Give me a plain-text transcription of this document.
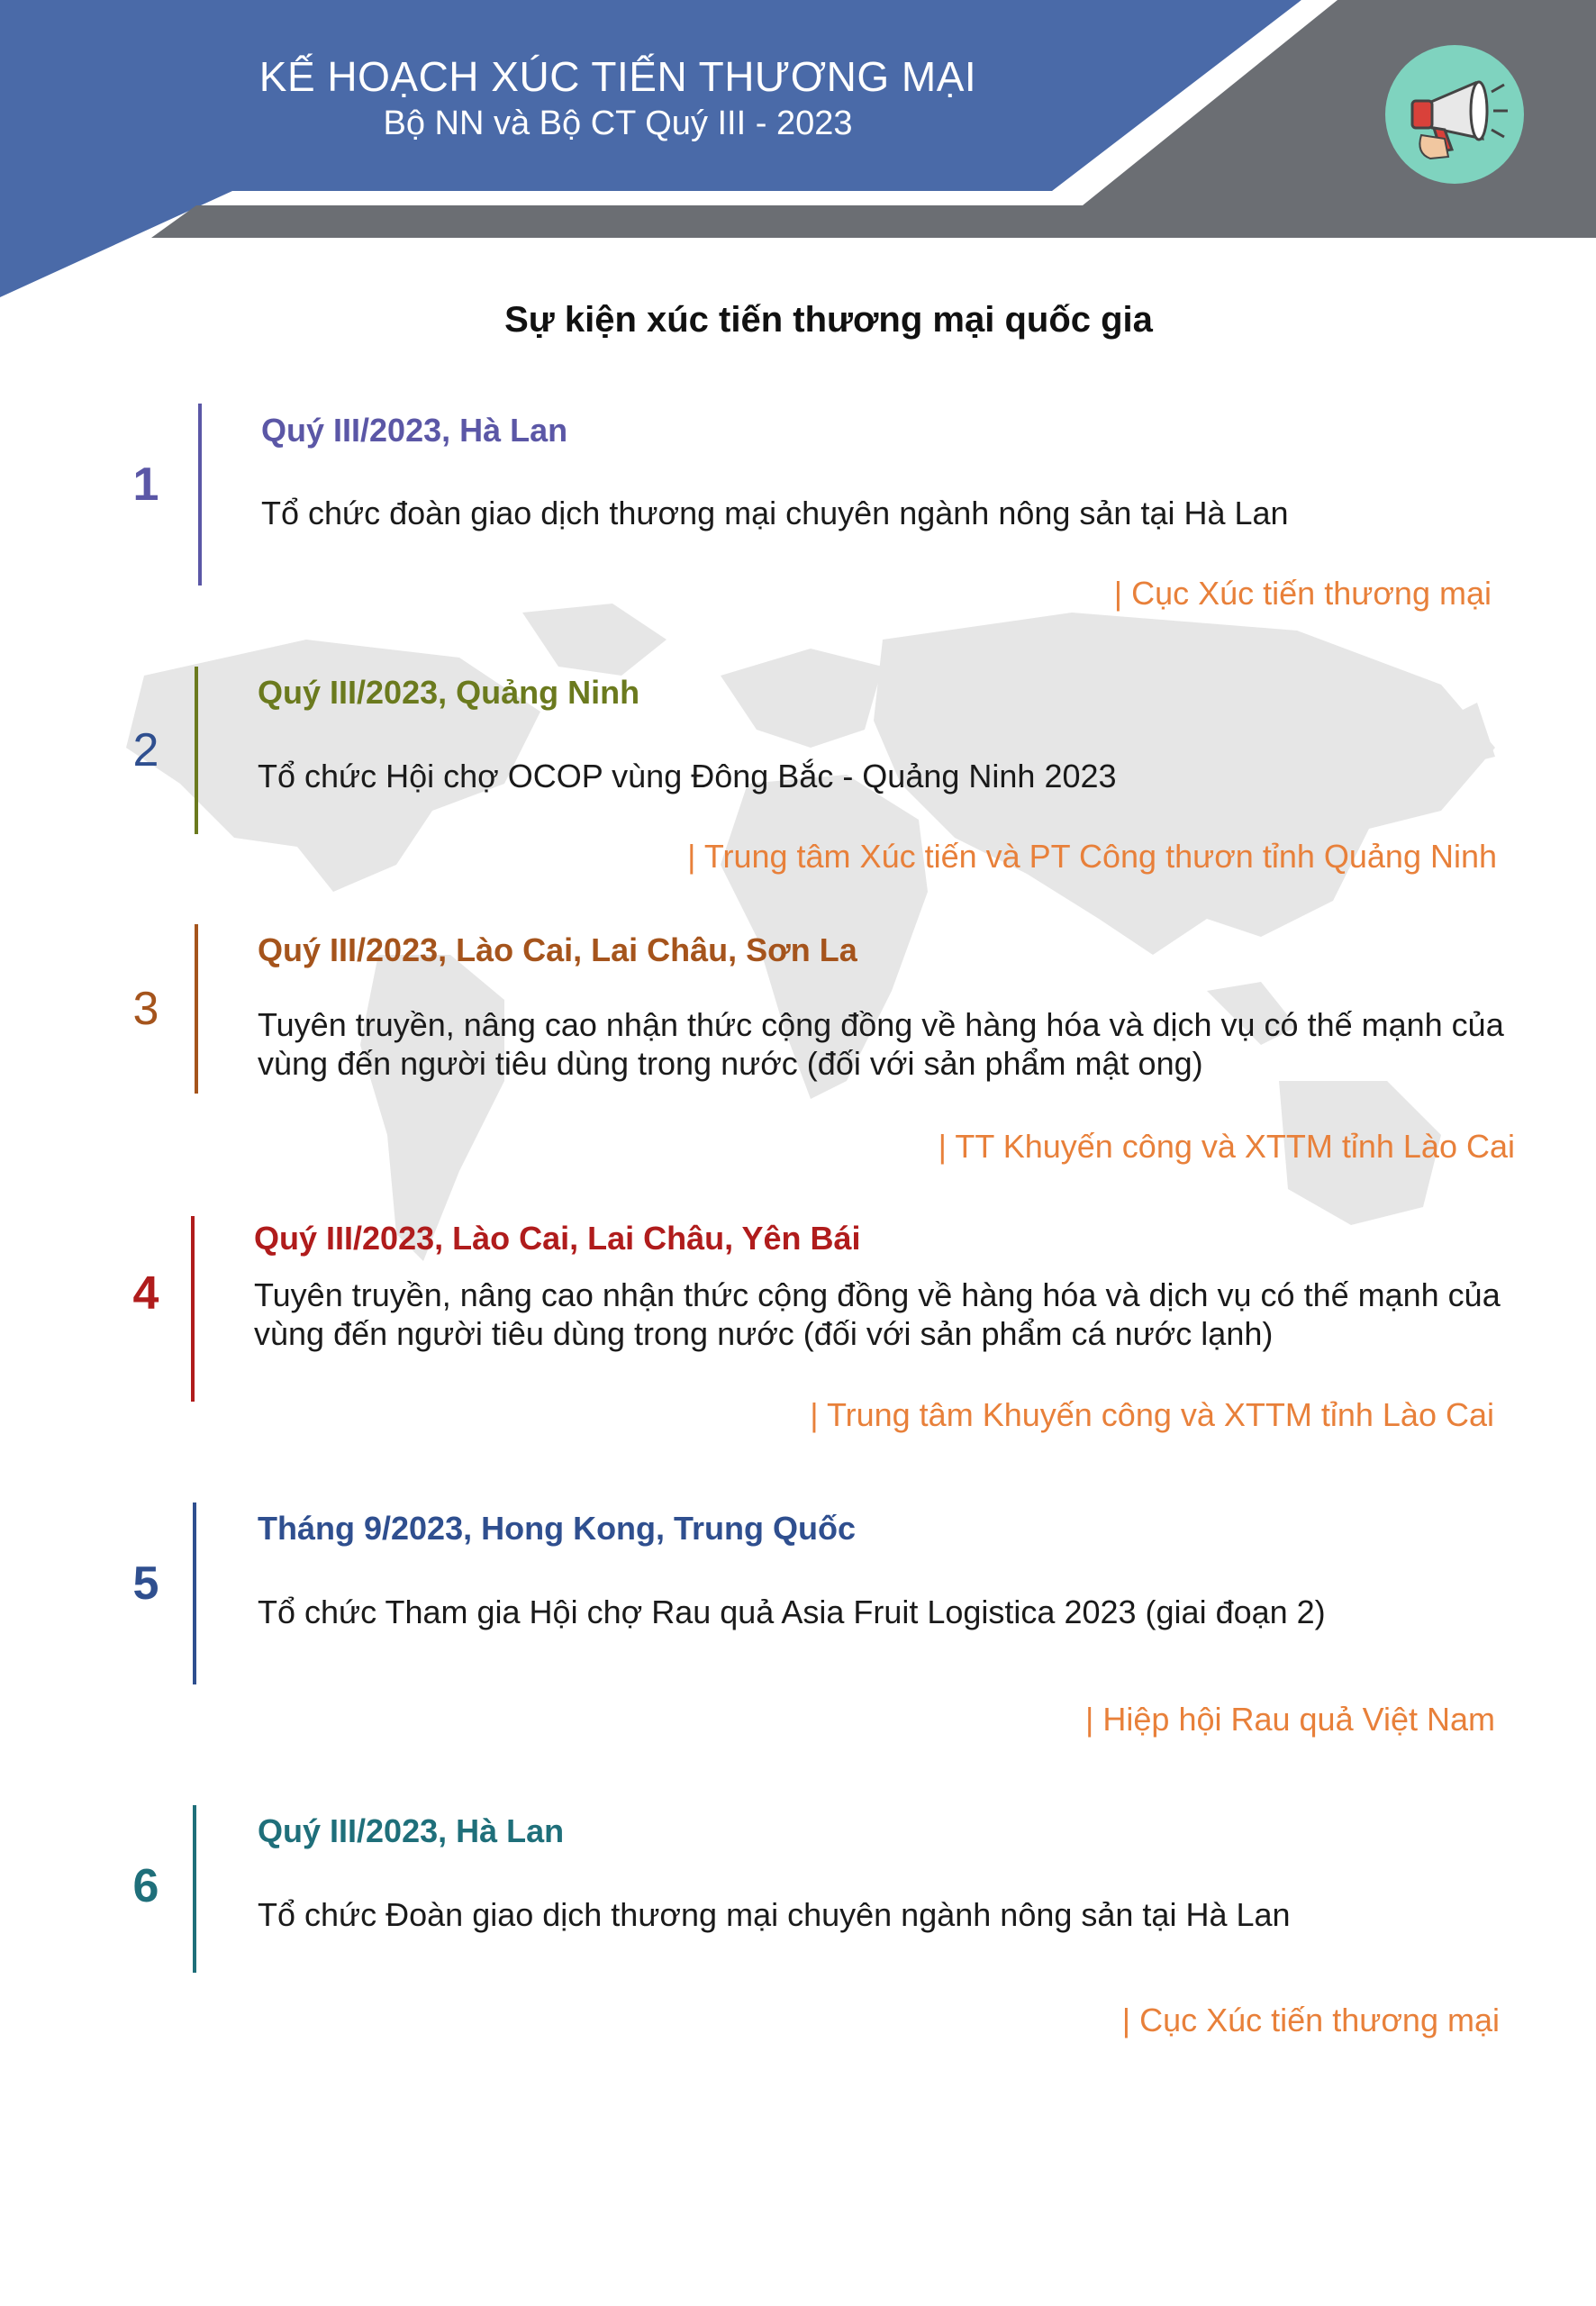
KẾ HOẠCH XÚC TIẾN THƯƠNG MẠI
Bộ NN và Bộ CT Quý III - 2023
Sự kiện xúc tiến thương mại quốc gia
1
Quý III/2023, Hà Lan
Tổ chức đoàn giao dịch thương mại chuyên ngành nông sản tại Hà Lan
| Cục Xúc tiến thương mại
2
Quý III/2023, Quảng Ninh
Tổ chức Hội chợ OCOP vùng Đông Bắc - Quảng Ninh 2023
| Trung tâm Xúc tiến và PT Công thươn tỉnh Quảng Ninh
3
Quý III/2023, Lào Cai, Lai Châu, Sơn La
Tuyên truyền, nâng cao nhận thức cộng đồng về hàng hóa và dịch vụ có thế mạnh của vùng đến người tiêu dùng trong nước (đối với sản phẩm mật ong)
| TT Khuyến công và XTTM tỉnh Lào Cai
4
Quý III/2023, Lào Cai, Lai Châu, Yên Bái
Tuyên truyền, nâng cao nhận thức cộng đồng về hàng hóa và dịch vụ có thế mạnh của vùng đến người tiêu dùng trong nước (đối với sản phẩm cá nước lạnh)
| Trung tâm Khuyến công và XTTM tỉnh Lào Cai
5
Tháng 9/2023, Hong Kong, Trung Quốc
Tổ chức Tham gia Hội chợ Rau quả Asia Fruit Logistica 2023 (giai đoạn 2)
| Hiệp hội Rau quả Việt Nam
6
Quý III/2023, Hà Lan
Tổ chức Đoàn giao dịch thương mại chuyên ngành nông sản tại Hà Lan
| Cục Xúc tiến thương mại
